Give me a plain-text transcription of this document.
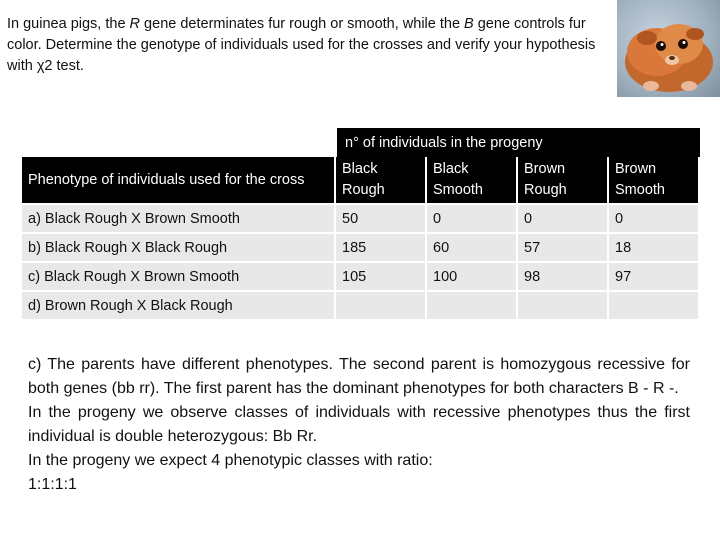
In guinea pigs, the R gene determinates fur rough or smooth, while the B gene controls fur color. Determine the genotype of individuals used for the crosses and verify your hypothesis with χ2 test.
n° of individuals in the progeny
Phenotype of individuals used for the cross	Black Rough	Black Smooth	Brown Rough	Brown Smooth
a) Black Rough X Brown Smooth	50	0	0	0
b) Black Rough X Black Rough	185	60	57	18
c) Black Rough X Brown Smooth	105	100	98	97
d) Brown Rough X Black Rough				

c) The parents have different phenotypes. The second parent is homozygous recessive for both genes (bb rr). The first parent has the dominant phenotypes for both characters B - R -.

In the progeny we observe classes of individuals with recessive phenotypes thus the first individual is double heterozygous: Bb Rr.

In the progeny we expect 4 phenotypic classes with ratio:

1:1:1:1
